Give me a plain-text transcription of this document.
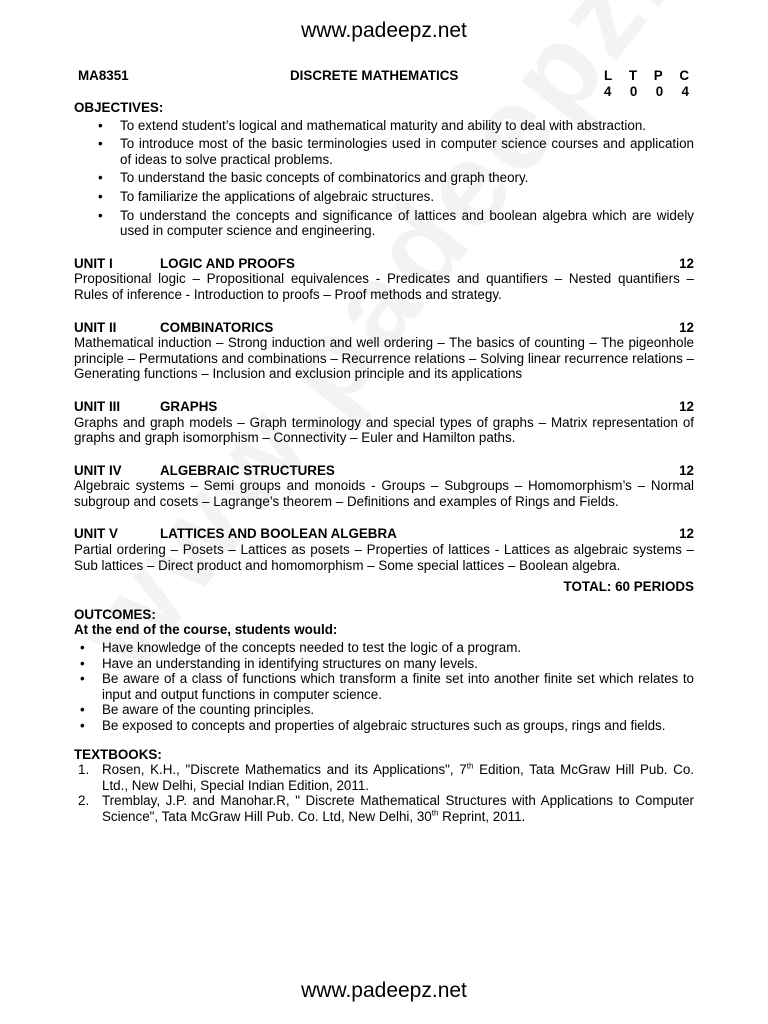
www.padeepz.net
MA8351	DISCRETE MATHEMATICS	L T P C
4 0 0 4
OBJECTIVES:
• To extend student’s logical and mathematical maturity and ability to deal with abstraction.
• To introduce most of the basic terminologies used in computer science courses and application of ideas to solve practical problems.
• To understand the basic concepts of combinatorics and graph theory.
• To familiarize the applications of algebraic structures.
• To understand the concepts and significance of lattices and boolean algebra which are widely used in computer science and engineering.
UNIT I	LOGIC AND PROOFS	12
Propositional logic – Propositional equivalences - Predicates and quantifiers – Nested quantifiers – Rules of inference - Introduction to proofs – Proof methods and strategy.
UNIT II	COMBINATORICS	12
Mathematical induction – Strong induction and well ordering – The basics of counting – The pigeonhole principle – Permutations and combinations – Recurrence relations – Solving linear recurrence relations – Generating functions – Inclusion and exclusion principle and its applications
UNIT III	GRAPHS	12
Graphs and graph models – Graph terminology and special types of graphs – Matrix representation of graphs and graph isomorphism – Connectivity – Euler and Hamilton paths.
UNIT IV	ALGEBRAIC STRUCTURES	12
Algebraic systems – Semi groups and monoids - Groups – Subgroups – Homomorphism’s – Normal subgroup and cosets – Lagrange’s theorem – Definitions and examples of Rings and Fields.
UNIT V	LATTICES AND BOOLEAN ALGEBRA	12
Partial ordering – Posets – Lattices as posets – Properties of lattices - Lattices as algebraic systems – Sub lattices – Direct product and homomorphism – Some special lattices – Boolean algebra.
TOTAL: 60 PERIODS
OUTCOMES:
At the end of the course, students would:
• Have knowledge of the concepts needed to test the logic of a program.
• Have an understanding in identifying structures on many levels.
• Be aware of a class of functions which transform a finite set into another finite set which relates to input and output functions in computer science.
• Be aware of the counting principles.
• Be exposed to concepts and properties of algebraic structures such as groups, rings and fields.
TEXTBOOKS:
1. Rosen, K.H., "Discrete Mathematics and its Applications", 7th Edition, Tata McGraw Hill Pub. Co. Ltd., New Delhi, Special Indian Edition, 2011.
2. Tremblay, J.P. and Manohar.R, " Discrete Mathematical Structures with Applications to Computer Science", Tata McGraw Hill Pub. Co. Ltd, New Delhi, 30th Reprint, 2011.
www.padeepz.net
